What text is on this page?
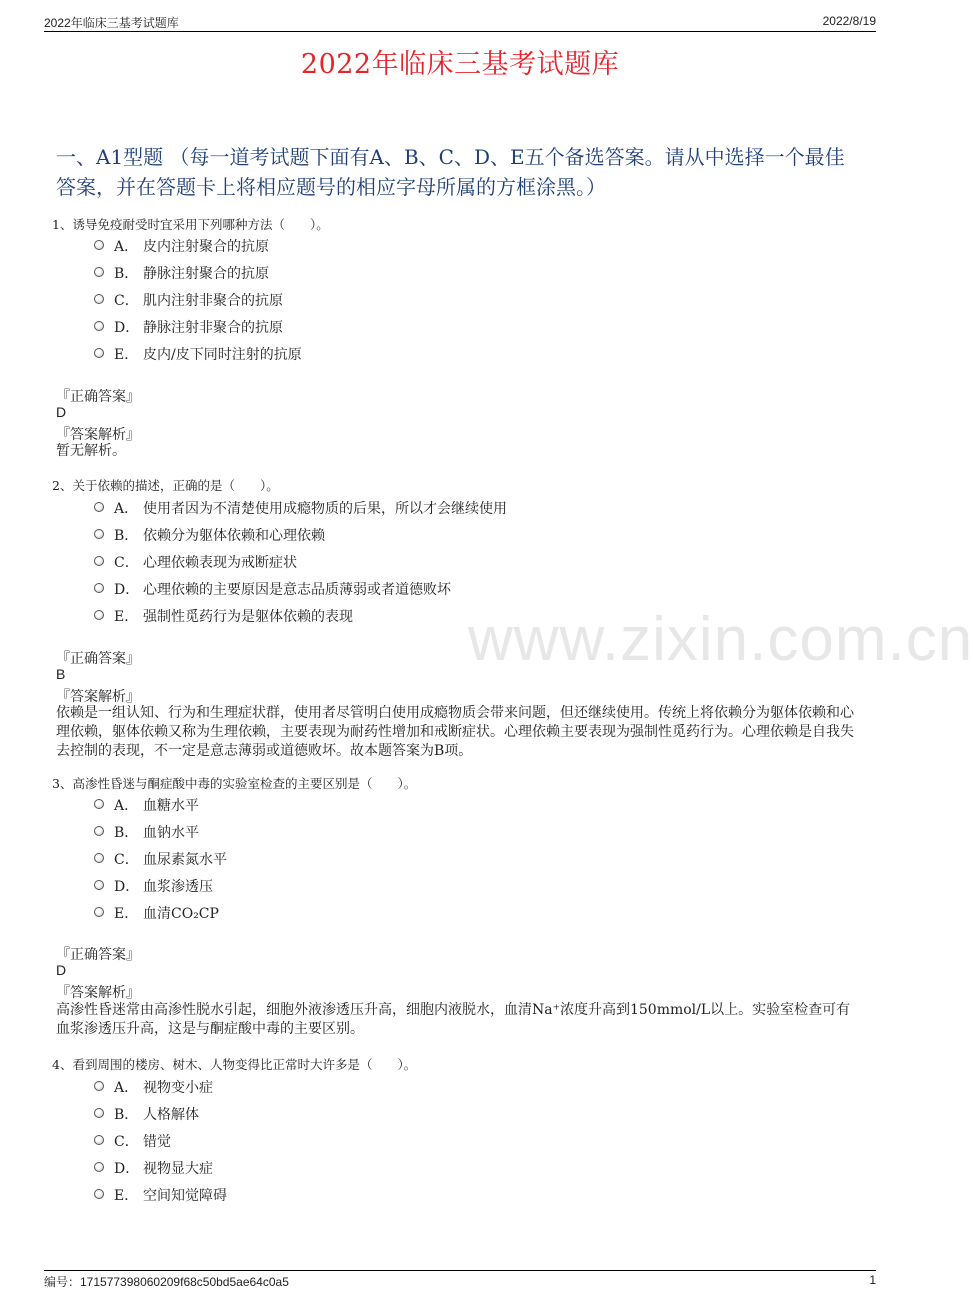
2022年临床三基考试题库	2022/8/19
2022年临床三基考试题库
一、A1型题 （每一道考试题下面有A、B、C、D、E五个备选答案。请从中选择一个最佳答案，并在答题卡上将相应题号的相应字母所属的方框涂黑。）
1、诱导免疫耐受时宜采用下列哪种方法（　　）。
A． 皮内注射聚合的抗原
B． 静脉注射聚合的抗原
C． 肌内注射非聚合的抗原
D． 静脉注射非聚合的抗原
E． 皮内/皮下同时注射的抗原
『正确答案』
D
『答案解析』
暂无解析。
2、关于依赖的描述，正确的是（　　）。
A． 使用者因为不清楚使用成瘾物质的后果，所以才会继续使用
B． 依赖分为躯体依赖和心理依赖
C． 心理依赖表现为戒断症状
D． 心理依赖的主要原因是意志品质薄弱或者道德败坏
E． 强制性觅药行为是躯体依赖的表现
『正确答案』
B
『答案解析』
依赖是一组认知、行为和生理症状群，使用者尽管明白使用成瘾物质会带来问题，但还继续使用。传统上将依赖分为躯体依赖和心理依赖，躯体依赖又称为生理依赖，主要表现为耐药性增加和戒断症状。心理依赖主要表现为强制性觅药行为。心理依赖是自我失去控制的表现，不一定是意志薄弱或道德败坏。故本题答案为B项。
3、高渗性昏迷与酮症酸中毒的实验室检查的主要区别是（　　）。
A． 血糖水平
B． 血钠水平
C． 血尿素氮水平
D． 血浆渗透压
E． 血清CO₂CP
『正确答案』
D
『答案解析』
高渗性昏迷常由高渗性脱水引起，细胞外液渗透压升高，细胞内液脱水，血清Na⁺浓度升高到150mmol/L以上。实验室检查可有血浆渗透压升高，这是与酮症酸中毒的主要区别。
4、看到周围的楼房、树木、人物变得比正常时大许多是（　　）。
A． 视物变小症
B． 人格解体
C． 错觉
D． 视物显大症
E． 空间知觉障碍
www.zixin.com.cn
编号：17157739806020​9f68c50bd5ae64c0a5	1
